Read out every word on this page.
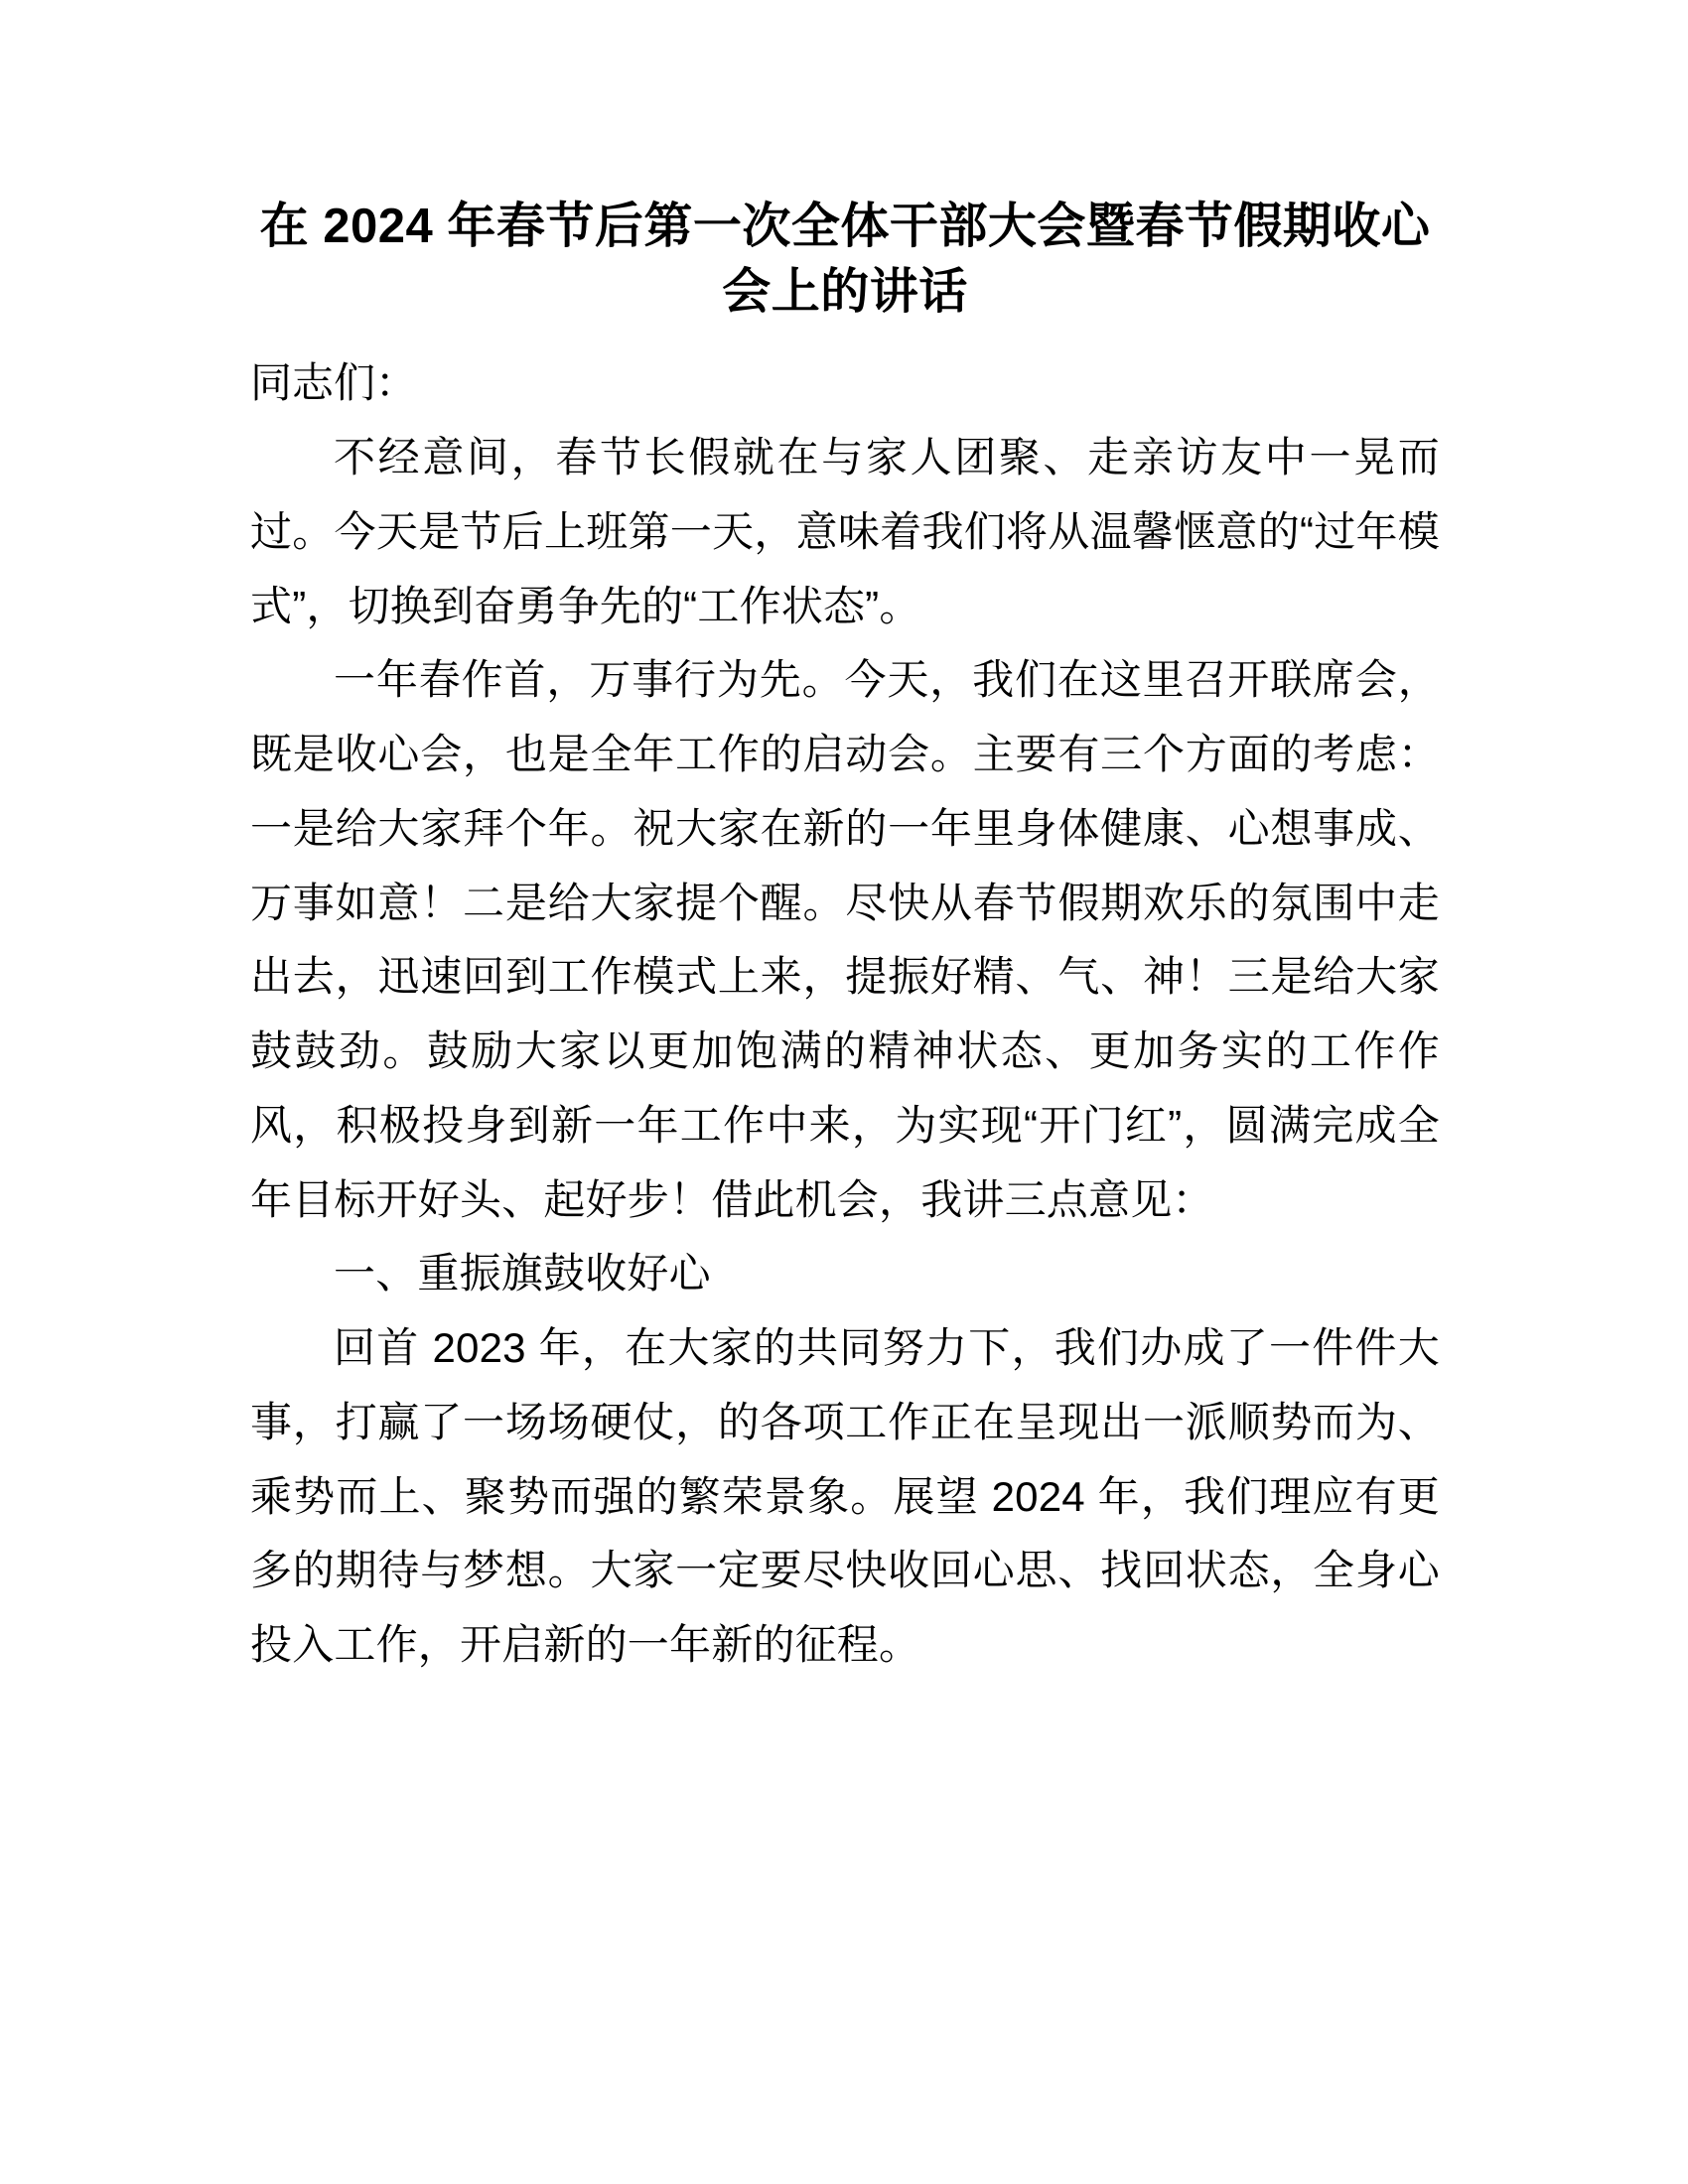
在 2024 年春节后第一次全体干部大会暨春节假期收心会上的讲话

同志们：

不经意间，春节长假就在与家人团聚、走亲访友中一晃而过。今天是节后上班第一天，意味着我们将从温馨惬意的“过年模式”，切换到奋勇争先的“工作状态”。

一年春作首，万事行为先。今天，我们在这里召开联席会，既是收心会，也是全年工作的启动会。主要有三个方面的考虑：一是给大家拜个年。祝大家在新的一年里身体健康、心想事成、万事如意！二是给大家提个醒。尽快从春节假期欢乐的氛围中走出去，迅速回到工作模式上来，提振好精、气、神！三是给大家鼓鼓劲。鼓励大家以更加饱满的精神状态、更加务实的工作作风，积极投身到新一年工作中来，为实现“开门红”，圆满完成全年目标开好头、起好步！借此机会，我讲三点意见：

一、重振旗鼓收好心

回首 2023 年，在大家的共同努力下，我们办成了一件件大事，打赢了一场场硬仗，的各项工作正在呈现出一派顺势而为、乘势而上、聚势而强的繁荣景象。展望 2024 年，我们理应有更多的期待与梦想。大家一定要尽快收回心思、找回状态，全身心投入工作，开启新的一年新的征程。
